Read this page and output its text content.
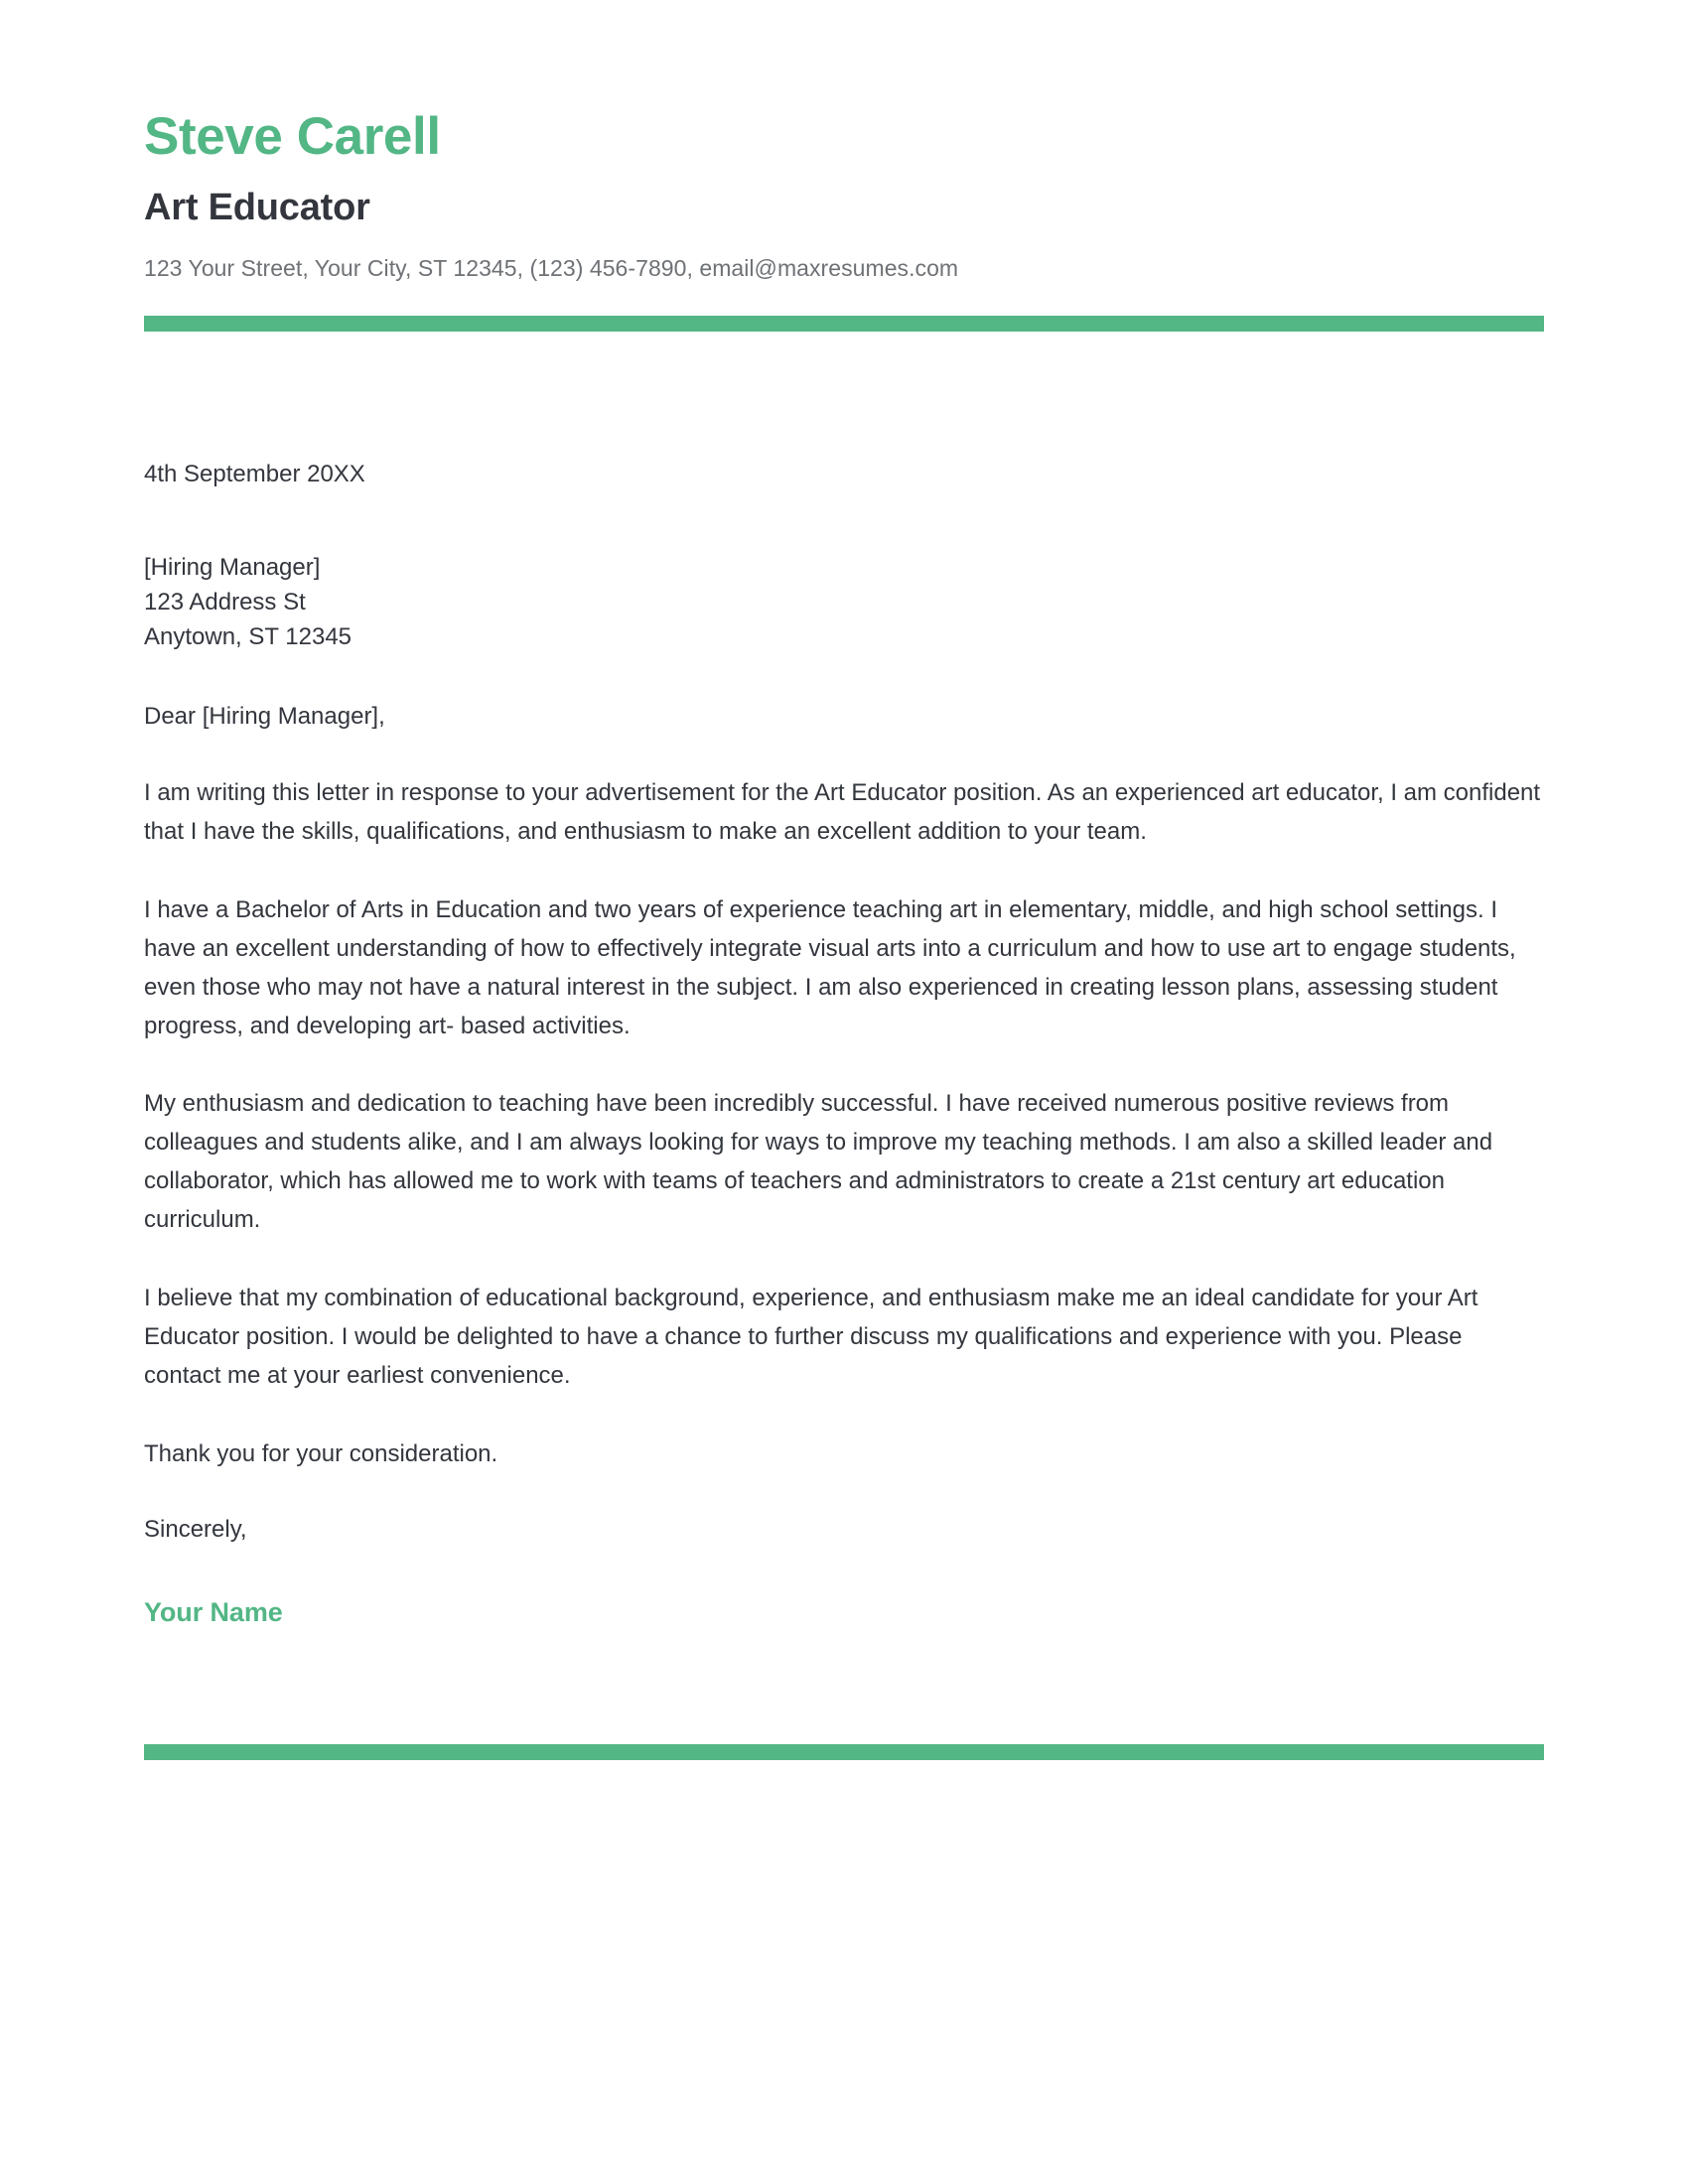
Steve Carell
Art Educator

123 Your Street, Your City, ST 12345, (123) 456-7890, email@maxresumes.com

4th September 20XX

[Hiring Manager]

123 Address St

Anytown, ST 12345

Dear [Hiring Manager],

I am writing this letter in response to your advertisement for the Art Educator position. As an experienced art educator, I am confident that I have the skills, qualifications, and enthusiasm to make an excellent addition to your team.

I have a Bachelor of Arts in Education and two years of experience teaching art in elementary, middle, and high school settings. I have an excellent understanding of how to effectively integrate visual arts into a curriculum and how to use art to engage students, even those who may not have a natural interest in the subject. I am also experienced in creating lesson plans, assessing student progress, and developing art- based activities.

My enthusiasm and dedication to teaching have been incredibly successful. I have received numerous positive reviews from colleagues and students alike, and I am always looking for ways to improve my teaching methods. I am also a skilled leader and collaborator, which has allowed me to work with teams of teachers and administrators to create a 21st century art education curriculum.

I believe that my combination of educational background, experience, and enthusiasm make me an ideal candidate for your Art Educator position. I would be delighted to have a chance to further discuss my qualifications and experience with you. Please contact me at your earliest convenience.

Thank you for your consideration.

Sincerely,

Your Name
